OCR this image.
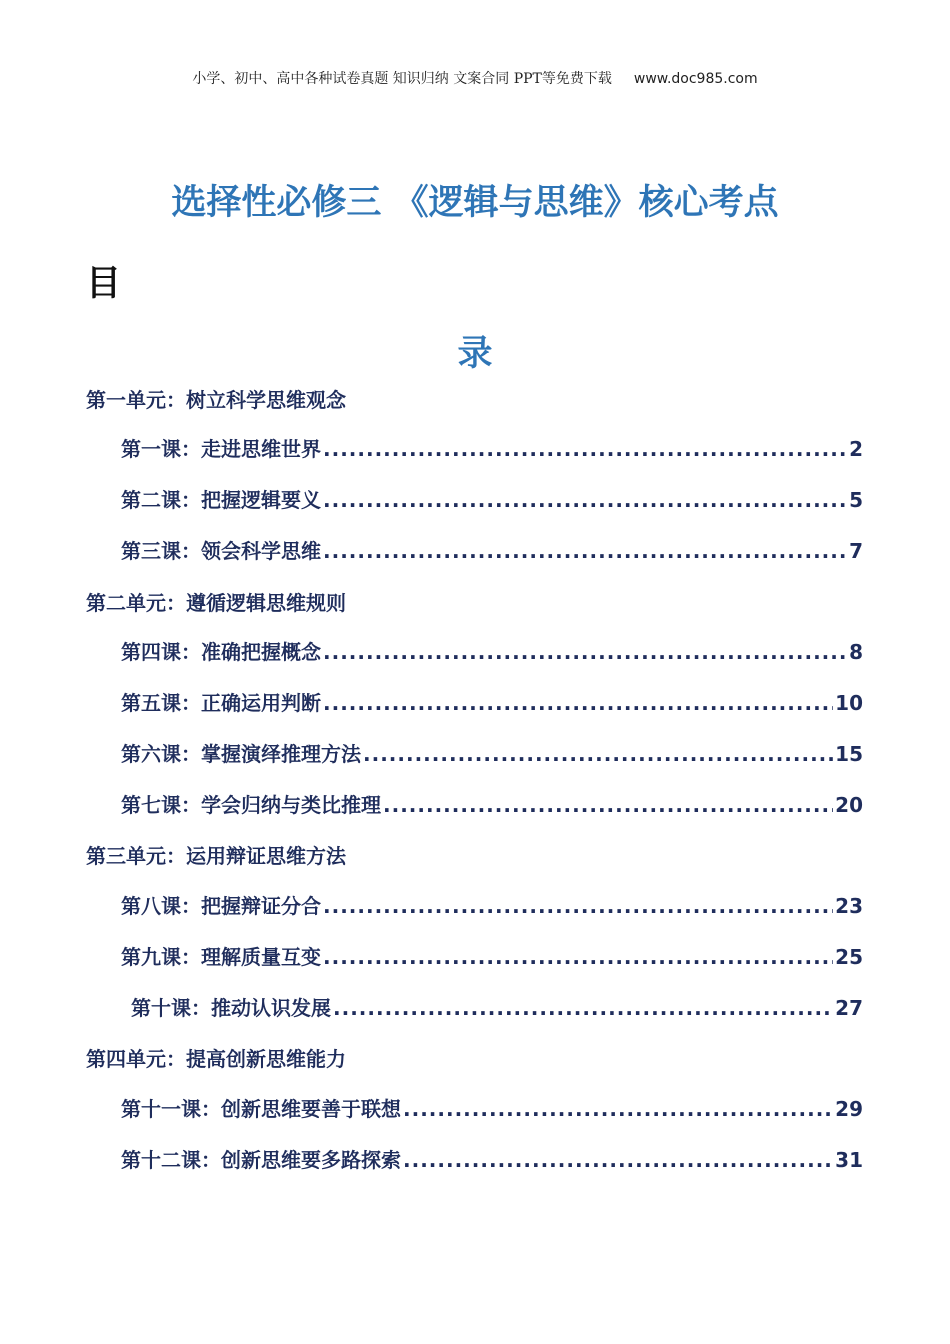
小学、初中、高中各种试卷真题 知识归纳 文案合同 PPT等免费下载 www.doc985.com
选择性必修三 《逻辑与思维》核心考点
目
录
第一单元：树立科学思维观念
第一课：走进思维世界 .....	2
第二课：把握逻辑要义 .....	5
第三课：领会科学思维 .....	7
第二单元：遵循逻辑思维规则
第四课：准确把握概念 .....	8
第五课：正确运用判断 .....	10
第六课：掌握演绎推理方法 .....	15
第七课：学会归纳与类比推理 .....	20
第三单元：运用辩证思维方法
第八课：把握辩证分合 .....	23
第九课：理解质量互变 .....	25
第十课：推动认识发展 .....	27
第四单元：提高创新思维能力
第十一课：创新思维要善于联想 .....	29
第十二课：创新思维要多路探索 .....	31
